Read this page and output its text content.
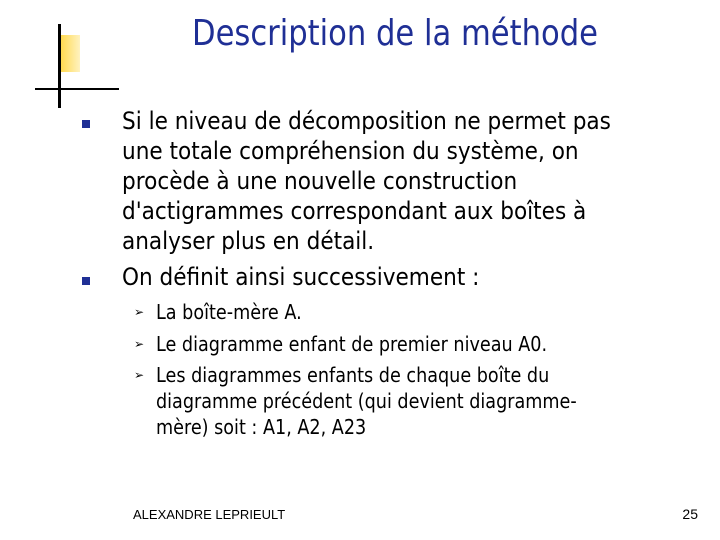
Description de la méthode
Si le niveau de décomposition ne permet pas
une totale compréhension du système, on
procède à une nouvelle construction
d'actigrammes correspondant aux boîtes à
analyser plus en détail.
On définit ainsi successivement :
➢ La boîte-mère A.
➢ Le diagramme enfant de premier niveau A0.
➢ Les diagrammes enfants de chaque boîte du
diagramme précédent (qui devient diagramme-
mère) soit : A1, A2, A23
ALEXANDRE LEPRIEULT	25
